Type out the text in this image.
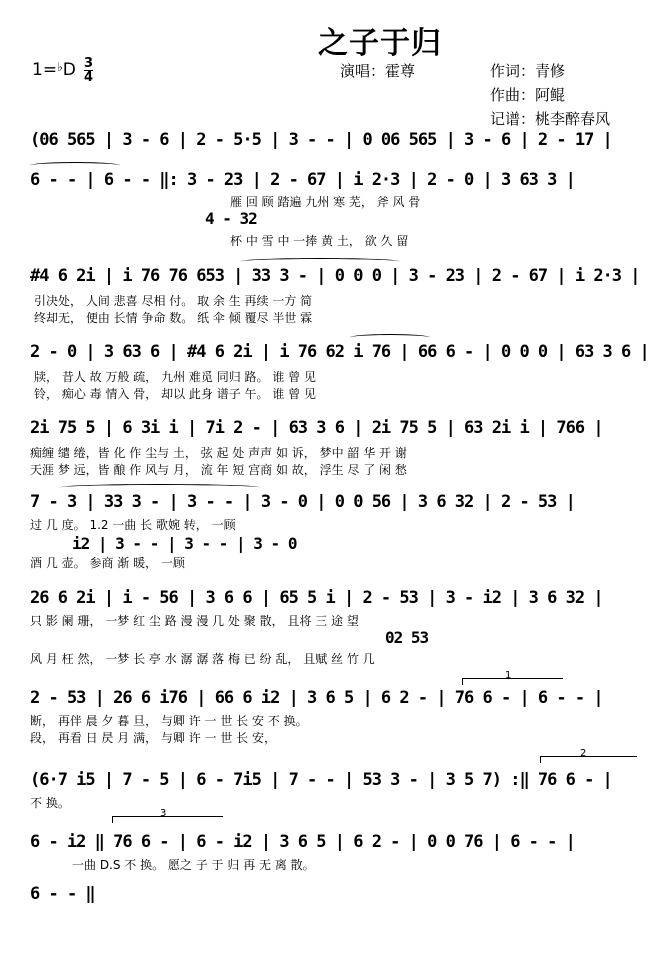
之子于归
1=♭D 3
4	演唱：霍尊	作词：青修
作曲：阿鲲
记谱：桃李醉春风
(06 565 | 3 - 6 | 2 - 5·5 | 3 - - | 0 06 565 | 3 - 6 | 2 - 17 |
6 - - | 6 - - ‖: 3 - 23 | 2 - 67 | i 2·3 | 2 - 0 | 3 63 3 |
雁 回 顾 踏遍 九州 寒 芜， 斧 风 骨
4 - 32
杯 中 雪 中 一捧 黄 土， 欲 久 留
#4 6 2i | i 76 76 653 | 33 3 - | 0 0 0 | 3 - 23 | 2 - 67 | i 2·3 |
引决处， 人间 悲喜 尽相 付。 取 余 生 再续 一方 简
终却无， 便由 长情 争命 数。 纸 伞 倾 覆尽 半世 霖
2 - 0 | 3 63 6 | #4 6 2i | i 76 62 i 76 | 66 6 - | 0 0 0 | 63 3 6 |
牍， 昔人 故 万般 疏， 九州 难觅 同归 路。 谁 曾 见
铃， 痴心 毒 情入 骨， 却以 此身 谱子 午。 谁 曾 见
2i 75 5 | 6 3i i | 7i 2 - | 63 3 6 | 2i 75 5 | 63 2i i | 766 |
痴缠 缱 绻，皆 化 作 尘与 土， 弦 起 处 声声 如 诉， 梦中 韶 华 开 谢
天涯 梦 远，皆 酿 作 风与 月， 流 年 短 宫商 如 故， 浮生 尽 了 闲 愁
7 - 3 | 33 3 - | 3 - - | 3 - 0 | 0 0 56 | 3 6 32 | 2 - 53 |
过 几 度。 1.2 一曲 长 歌婉 转， 一顾
i2 | 3 - - | 3 - - | 3 - 0
酒 几 壶。 参商 渐 暖， 一顾
26 6 2i | i - 56 | 3 6 6 | 65 5 i | 2 - 53 | 3 - i2 | 3 6 32 |
只 影 阑 珊， 一梦 红 尘 路 漫 漫 几 处 聚 散， 且将 三 途 望
02 53
风 月 枉 然， 一梦 长 亭 水 潺 潺 落 梅 已 纷 乱， 且赋 丝 竹 几
1
2 - 53 | 26 6 i76 | 66 6 i2 | 3 6 5 | 6 2 - | 76 6 - | 6 - - |
断， 再伴 晨 夕 暮 旦， 与卿 许 一 世 长 安 不 换。
段， 再看 日 昃 月 满， 与卿 许 一 世 长 安，
2
(6·7 i5 | 7 - 5 | 6 - 7i5 | 7 - - | 53 3 - | 3 5 7) :‖ 76 6 - |
不 换。
3
6 - i2 ‖ 76 6 - | 6 - i2 | 3 6 5 | 6 2 - | 0 0 76 | 6 - - |
一曲 D.S 不 换。 愿之 子 于 归 再 无 离 散。
6 - - ‖
